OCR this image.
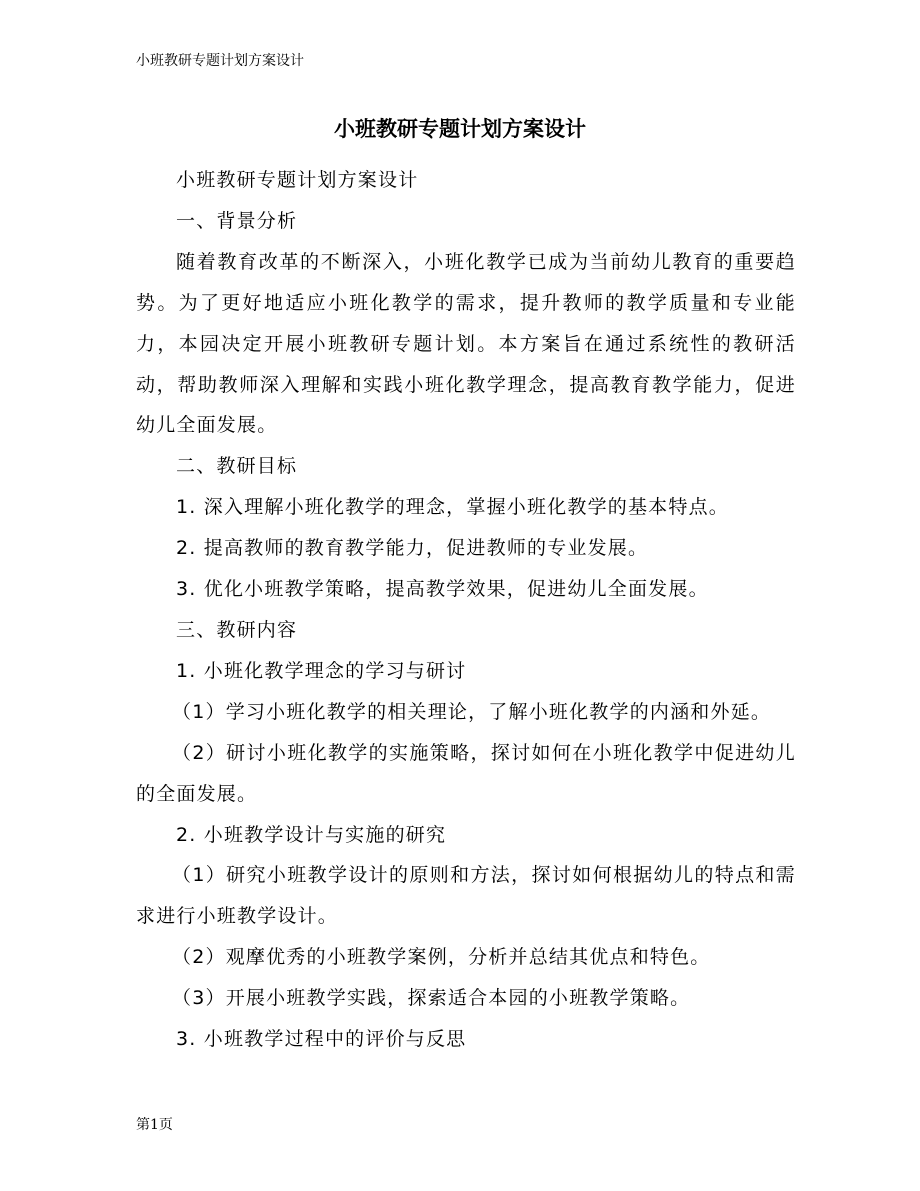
小班教研专题计划方案设计
小班教研专题计划方案设计

小班教研专题计划方案设计

一、背景分析

随着教育改革的不断深入，小班化教学已成为当前幼儿教育的重要趋势。为了更好地适应小班化教学的需求，提升教师的教学质量和专业能力，本园决定开展小班教研专题计划。本方案旨在通过系统性的教研活动，帮助教师深入理解和实践小班化教学理念，提高教育教学能力，促进幼儿全面发展。

二、教研目标

1. 深入理解小班化教学的理念，掌握小班化教学的基本特点。

2. 提高教师的教育教学能力，促进教师的专业发展。

3. 优化小班教学策略，提高教学效果，促进幼儿全面发展。

三、教研内容

1. 小班化教学理念的学习与研讨

（1）学习小班化教学的相关理论，了解小班化教学的内涵和外延。

（2）研讨小班化教学的实施策略，探讨如何在小班化教学中促进幼儿的全面发展。

2. 小班教学设计与实施的研究

（1）研究小班教学设计的原则和方法，探讨如何根据幼儿的特点和需求进行小班教学设计。

（2）观摩优秀的小班教学案例，分析并总结其优点和特色。

（3）开展小班教学实践，探索适合本园的小班教学策略。

3. 小班教学过程中的评价与反思

第1页
